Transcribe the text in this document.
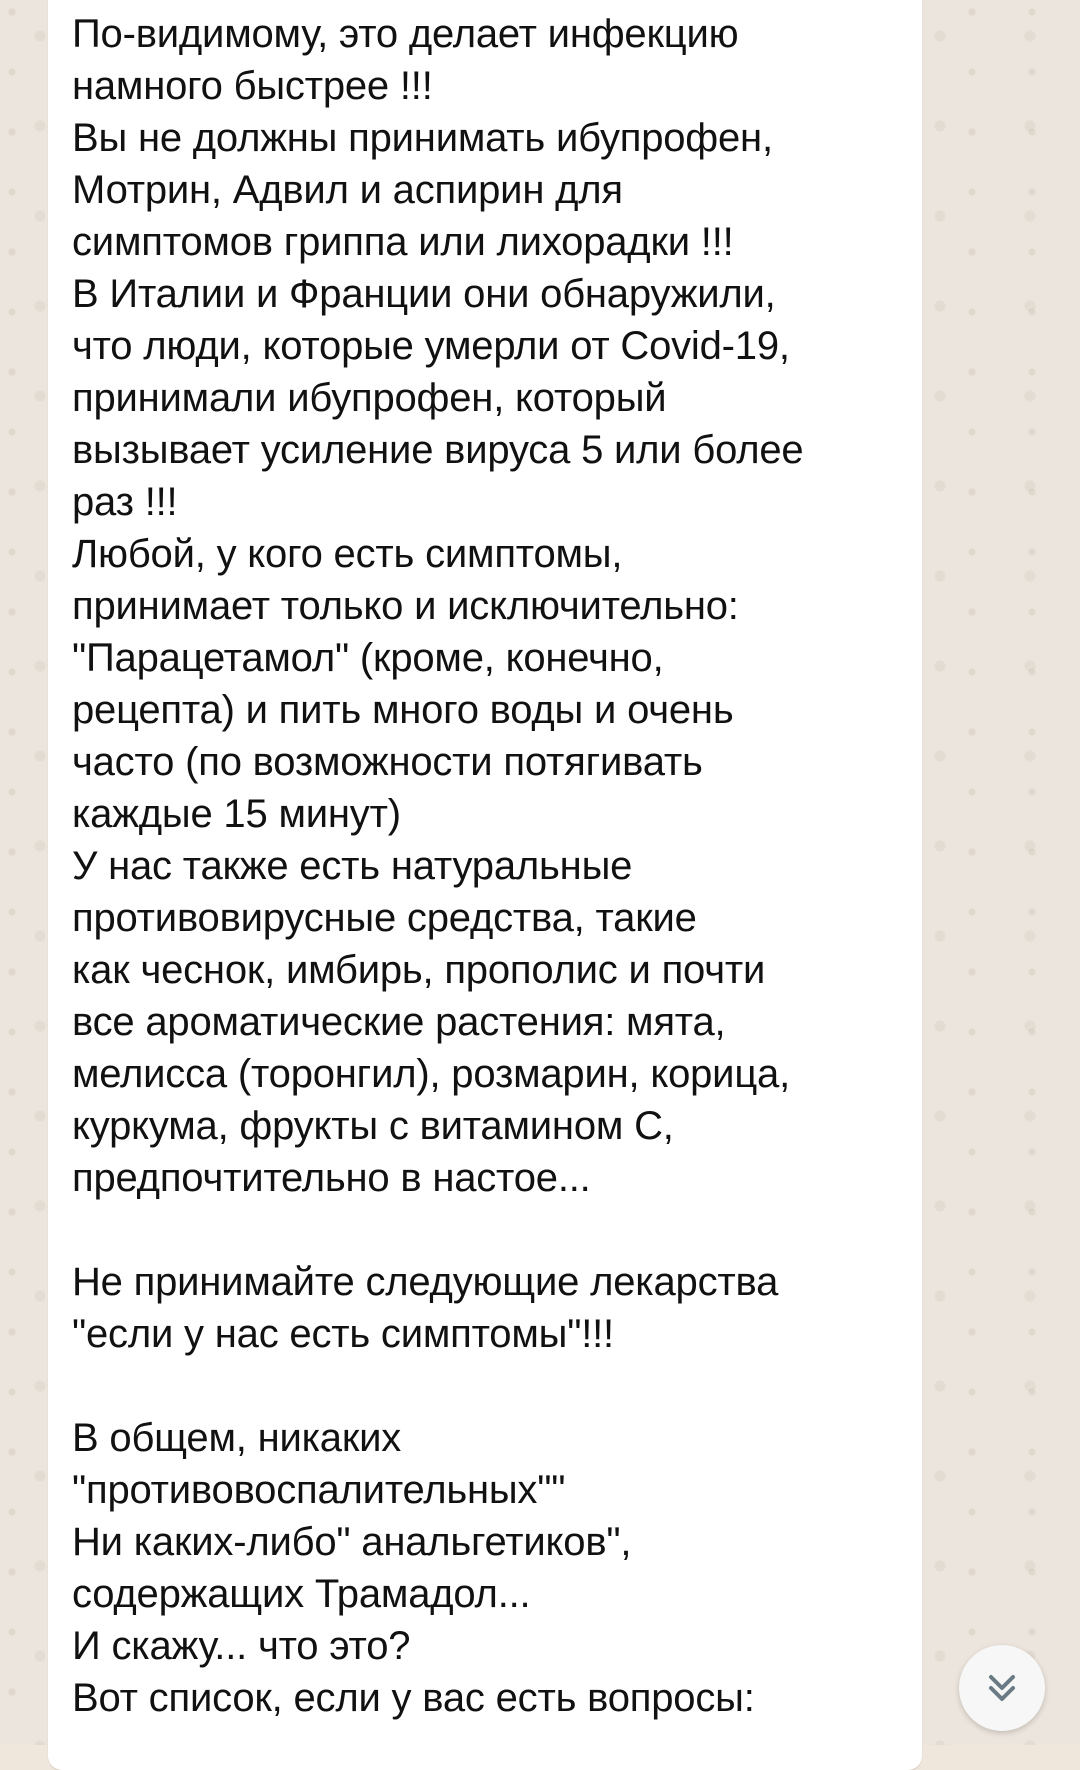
По-видимому, это делает инфекцию
намного быстрее !!!
Вы не должны принимать ибупрофен,
Мотрин, Адвил и аспирин для
симптомов гриппа или лихорадки !!!
В Италии и Франции они обнаружили,
что люди, которые умерли от Covid-19,
принимали ибупрофен, который
вызывает усиление вируса 5 или более
раз !!!
Любой, у кого есть симптомы,
принимает только и исключительно:
"Парацетамол" (кроме, конечно,
рецепта) и пить много воды и очень
часто (по возможности потягивать
каждые 15 минут)
У нас также есть натуральные
противовирусные средства, такие
как чеснок, имбирь, прополис и почти
все ароматические растения: мята,
мелисса (торонгил), розмарин, корица,
куркума, фрукты с витамином С,
предпочтительно в настое...

Не принимайте следующие лекарства
"если у нас есть симптомы"!!!

В общем, никаких
"противовоспалительных""
Ни каких-либо" анальгетиков",
содержащих Трамадол...
И скажу... что это?
Вот список, если у вас есть вопросы:
